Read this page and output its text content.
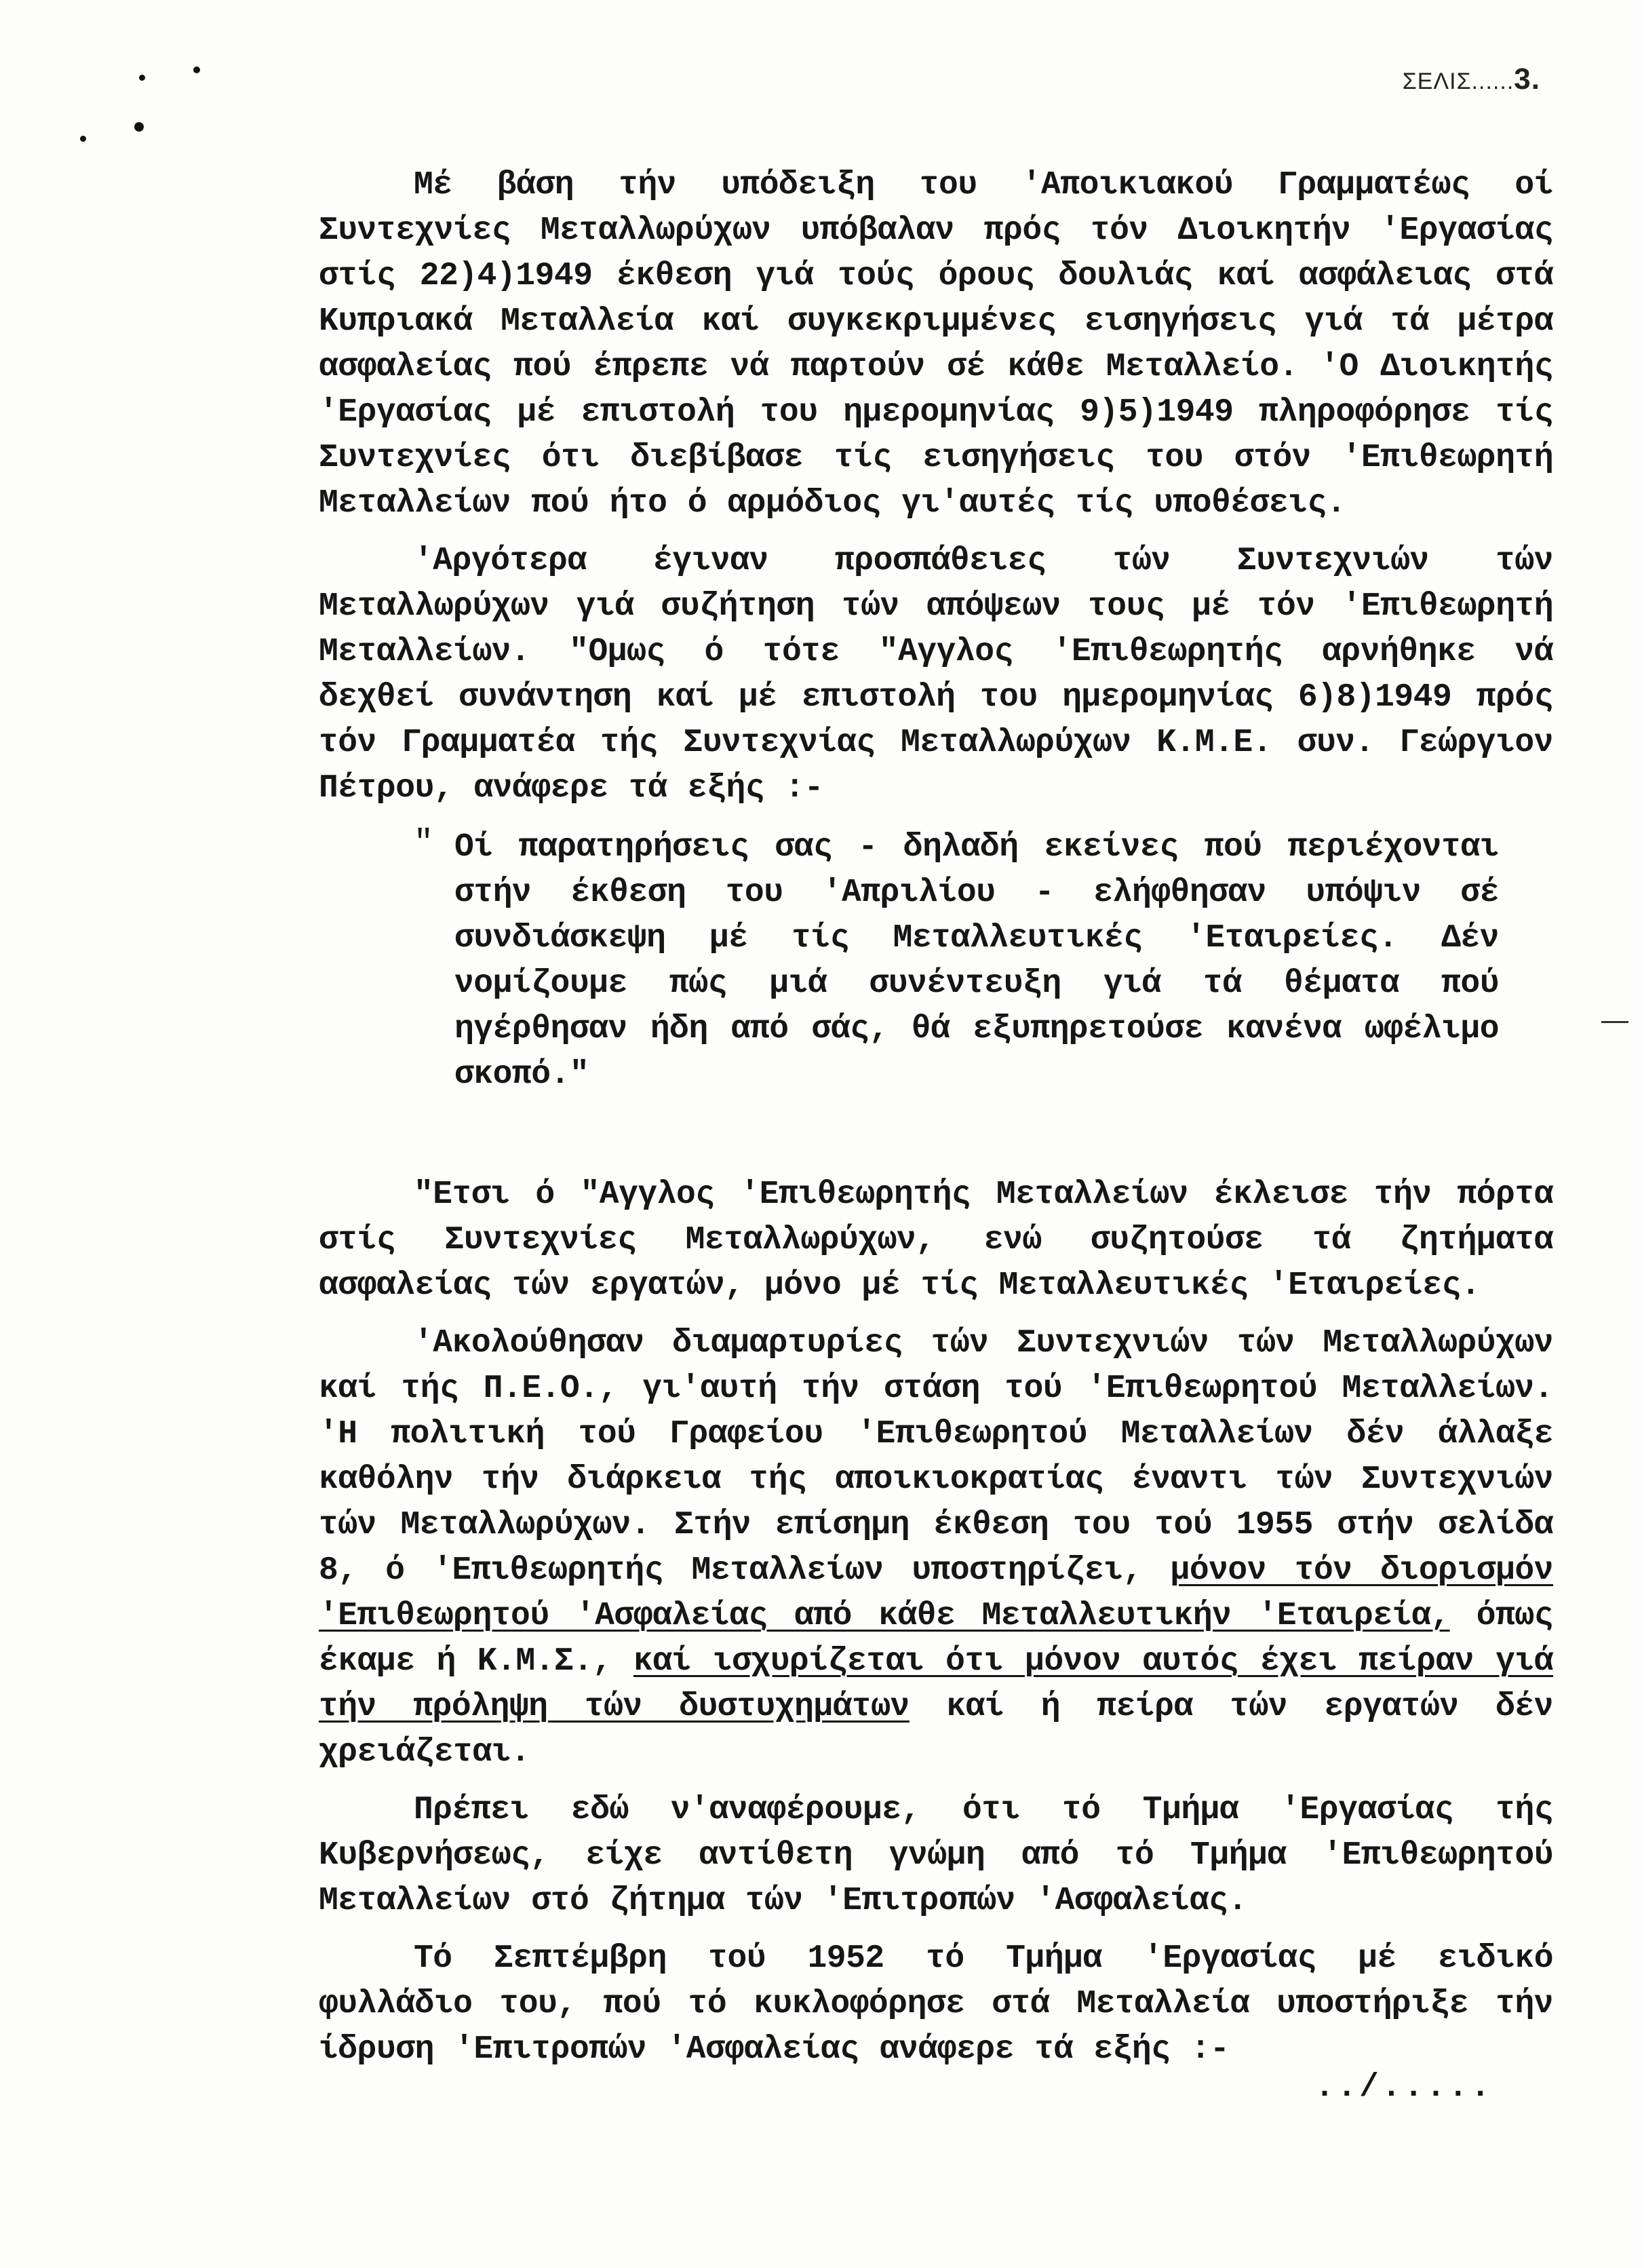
ΣΕΛΙΣ......3.

Μέ βάση τήν υπόδειξη του 'Αποικιακού Γραμματέως οί Συντεχνίες Μεταλλωρύχων υπόβαλαν πρός τόν Διοικητήν 'Εργασίας στίς 22)4)1949 έκθεση γιά τούς όρους δουλιάς καί ασφάλειας στά Κυπριακά Μεταλλεία καί συγκεκριμμένες εισηγήσεις γιά τά μέτρα ασφαλείας πού έπρεπε νά παρτούν σέ κάθε Μεταλλείο. 'Ο Διοικητής 'Εργασίας μέ επιστολή του ημερομηνίας 9)5)1949 πληροφόρησε τίς Συντεχνίες ότι διεβίβασε τίς εισηγήσεις του στόν 'Επιθεωρητή Μεταλλείων πού ήτο ό αρμόδιος γι'αυτές τίς υποθέσεις.

'Αργότερα έγιναν προσπάθειες τών Συντεχνιών τών Μεταλλωρύχων γιά συζήτηση τών απόψεων τους μέ τόν 'Επιθεωρητή Μεταλλείων. "Ομως ό τότε "Αγγλος 'Επιθεωρητής αρνήθηκε νά δεχθεί συνάντηση καί μέ επιστολή του ημερομηνίας 6)8)1949 πρός τόν Γραμματέα τής Συντεχνίας Μεταλλωρύχων Κ.Μ.Ε. συν. Γεώργιον Πέτρου, ανάφερε τά εξής :-

" Οί παρατηρήσεις σας - δηλαδή εκείνες πού περιέχονται στήν έκθεση του 'Απριλίου - ελήφθησαν υπόψιν σέ συνδιάσκεψη μέ τίς Μεταλλευτικές 'Εταιρείες. Δέν νομίζουμε πώς μιά συνέντευξη γιά τά θέματα πού ηγέρθησαν ήδη από σάς, θά εξυπηρετούσε κανένα ωφέλιμο σκοπό."

"Ετσι ό "Αγγλος 'Επιθεωρητής Μεταλλείων έκλεισε τήν πόρτα στίς Συντεχνίες Μεταλλωρύχων, ενώ συζητούσε τά ζητήματα ασφαλείας τών εργατών, μόνο μέ τίς Μεταλλευτικές 'Εταιρείες.

'Ακολούθησαν διαμαρτυρίες τών Συντεχνιών τών Μεταλλωρύχων καί τής Π.Ε.Ο., γι'αυτή τήν στάση τού 'Επιθεωρητού Μεταλλείων. 'Η πολιτική τού Γραφείου 'Επιθεωρητού Μεταλλείων δέν άλλαξε καθόλην τήν διάρκεια τής αποικιοκρατίας έναντι τών Συντεχνιών τών Μεταλλωρύχων. Στήν επίσημη έκθεση του τού 1955 στήν σελίδα 8, ό 'Επιθεωρητής Μεταλλείων υποστηρίζει, μόνον τόν διορισμόν 'Επιθεωρητού 'Ασφαλείας από κάθε Μεταλλευτικήν 'Εταιρεία, όπως έκαμε ή Κ.Μ.Σ., καί ισχυρίζεται ότι μόνον αυτός έχει πείραν γιά τήν πρόληψη τών δυστυχημάτων καί ή πείρα τών εργατών δέν χρειάζεται.

Πρέπει εδώ ν'αναφέρουμε, ότι τό Τμήμα 'Εργασίας τής Κυβερνήσεως, είχε αντίθετη γνώμη από τό Τμήμα 'Επιθεωρητού Μεταλλείων στό ζήτημα τών 'Επιτροπών 'Ασφαλείας.

Τό Σεπτέμβρη τού 1952 τό Τμήμα 'Εργασίας μέ ειδικό φυλλάδιο του, πού τό κυκλοφόρησε στά Μεταλλεία υποστήριξε τήν ίδρυση 'Επιτροπών 'Ασφαλείας ανάφερε τά εξής :-

../.....
